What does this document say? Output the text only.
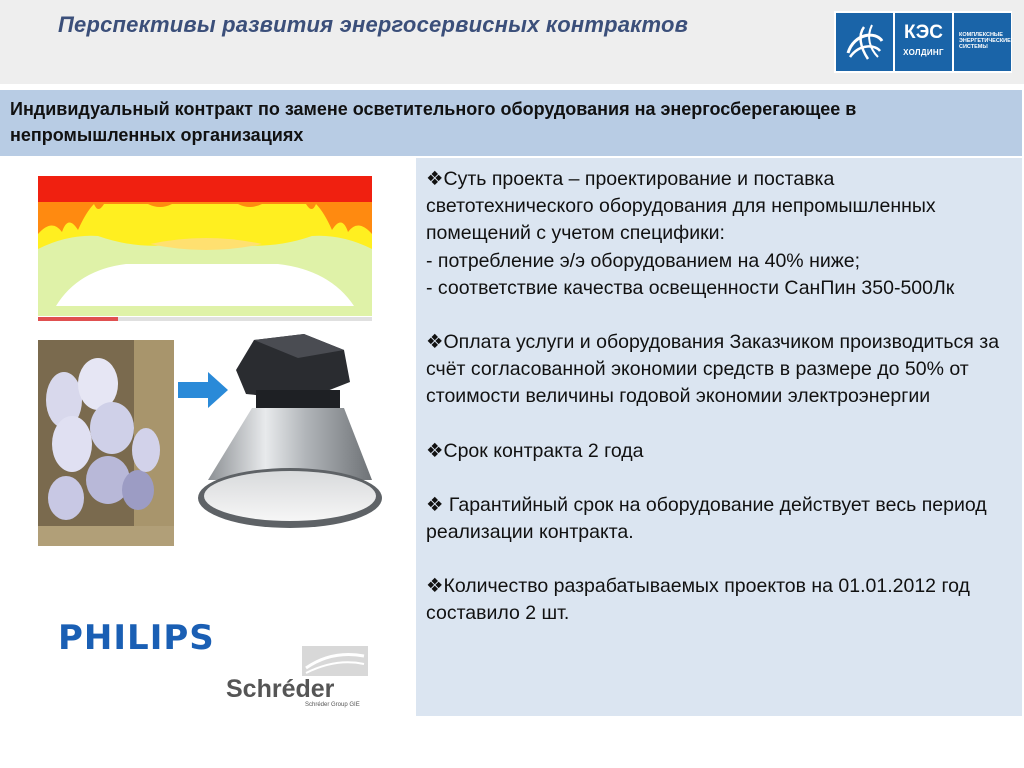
Перспективы развития энергосервисных контрактов	КЭС
ХОЛДИНГ
КОМПЛЕКСНЫЕ ЭНЕРГЕТИЧЕСКИЕ СИСТЕМЫ
Индивидуальный контракт по замене осветительного оборудования на энергосберегающее в непромышленных организациях
PHILIPS
Schréder
Schréder Group GIE

❖Суть проекта – проектирование и поставка светотехнического оборудования для непромышленных помещений с учетом специфики:

- потребление э/э оборудованием на 40% ниже;

- соответствие качества освещенности СанПин 350-500Лк

❖Оплата услуги и оборудования Заказчиком производиться за счёт согласованной экономии средств в размере до 50% от стоимости величины годовой экономии электроэнергии

❖Срок контракта 2 года

❖ Гарантийный срок на оборудование действует весь период реализации контракта.

❖Количество разрабатываемых проектов на 01.01.2012 год составило 2 шт.
